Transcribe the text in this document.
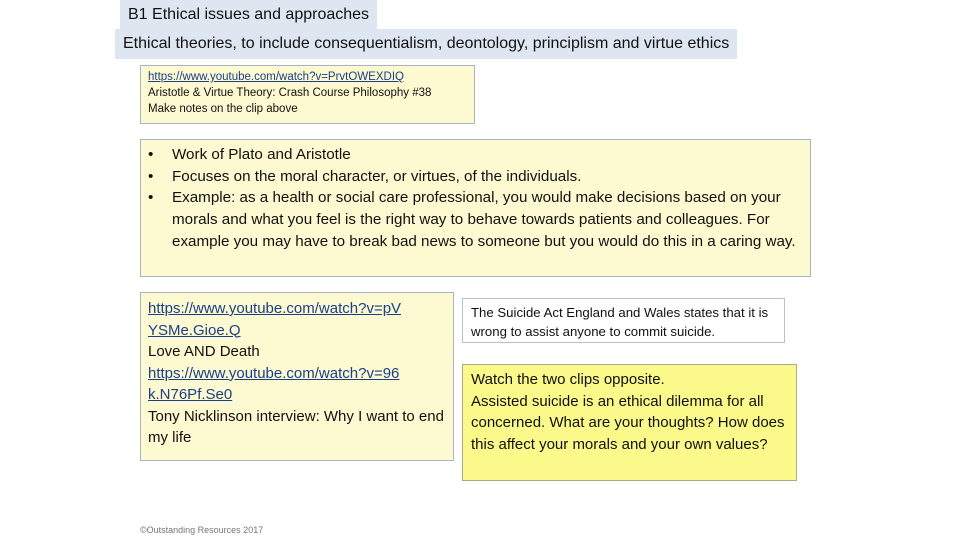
B1 Ethical issues and approaches
Ethical theories, to include consequentialism, deontology, principlism and virtue ethics
https://www.youtube.com/watch?v=PrvtOWEXDIQ
Aristotle & Virtue Theory: Crash Course Philosophy #38
Make notes on the clip above
• Work of Plato and Aristotle
• Focuses on the moral character, or virtues, of the individuals.
• Example: as a health or social care professional, you would make decisions based on your morals and what you feel is the right way to behave towards patients and colleagues. For example you may have to break bad news to someone but you would do this in a caring way.
https://www.youtube.com/watch?v=pV
YSMe.Gioe.Q
Love AND Death
https://www.youtube.com/watch?v=96
k.N76Pf.Se0
Tony Nicklinson interview: Why I want to end my life
The Suicide Act England and Wales states that it is wrong to assist anyone to commit suicide.
Watch the two clips opposite.
Assisted suicide is an ethical dilemma for all concerned. What are your thoughts? How does this affect your morals and your own values?
©Outstanding Resources 2017
